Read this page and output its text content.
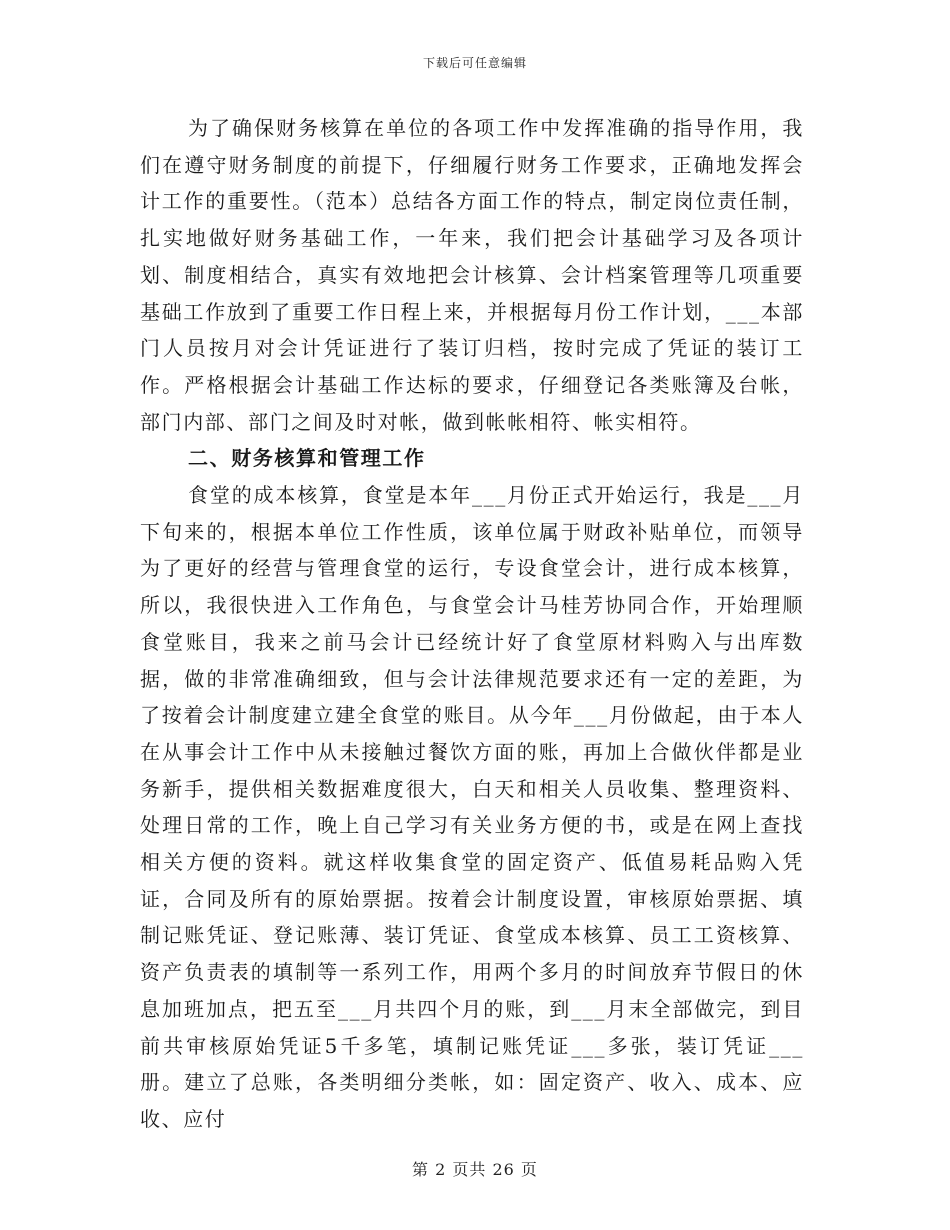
下载后可任意编辑

为了确保财务核算在单位的各项工作中发挥准确的指导作用，我们在遵守财务制度的前提下，仔细履行财务工作要求，正确地发挥会计工作的重要性。（范本）总结各方面工作的特点，制定岗位责任制，扎实地做好财务基础工作，一年来，我们把会计基础学习及各项计划、制度相结合，真实有效地把会计核算、会计档案管理等几项重要基础工作放到了重要工作日程上来，并根据每月份工作计划，___本部门人员按月对会计凭证进行了装订归档，按时完成了凭证的装订工作。严格根据会计基础工作达标的要求，仔细登记各类账簿及台帐，部门内部、部门之间及时对帐，做到帐帐相符、帐实相符。

二、财务核算和管理工作

食堂的成本核算，食堂是本年___月份正式开始运行，我是___月下旬来的，根据本单位工作性质，该单位属于财政补贴单位，而领导为了更好的经营与管理食堂的运行，专设食堂会计，进行成本核算，所以，我很快进入工作角色，与食堂会计马桂芳协同合作，开始理顺食堂账目，我来之前马会计已经统计好了食堂原材料购入与出库数据，做的非常准确细致，但与会计法律规范要求还有一定的差距，为了按着会计制度建立建全食堂的账目。从今年___月份做起，由于本人在从事会计工作中从未接触过餐饮方面的账，再加上合做伙伴都是业务新手，提供相关数据难度很大，白天和相关人员收集、整理资料、处理日常的工作，晚上自己学习有关业务方便的书，或是在网上查找相关方便的资料。就这样收集食堂的固定资产、低值易耗品购入凭证，合同及所有的原始票据。按着会计制度设置，审核原始票据、填制记账凭证、登记账薄、装订凭证、食堂成本核算、员工工资核算、资产负责表的填制等一系列工作，用两个多月的时间放弃节假日的休息加班加点，把五至___月共四个月的账，到___月末全部做完，到目前共审核原始凭证5千多笔，填制记账凭证___多张，装订凭证___册。建立了总账，各类明细分类帐，如：固定资产、收入、成本、应收、应付

第 2 页共 26 页
